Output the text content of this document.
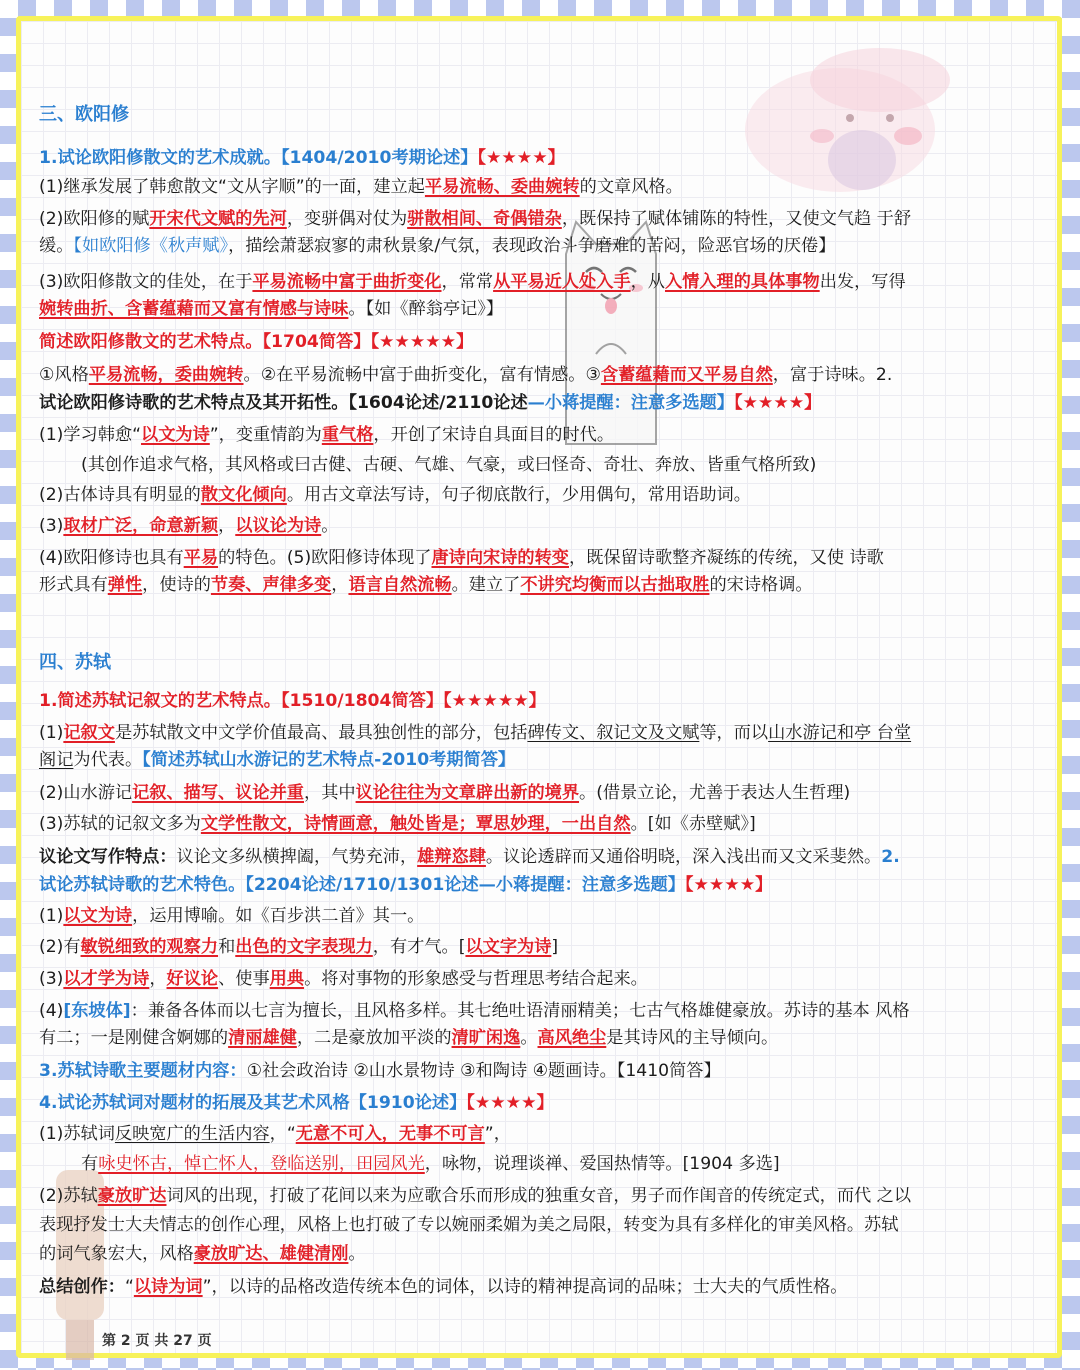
三、欧阳修
1.试论欧阳修散文的艺术成就。【1404/2010考期论述】【★★★★】
(1)继承发展了韩愈散文“文从字顺”的一面，建立起平易流畅、委曲婉转的文章风格。
(2)欧阳修的赋开宋代文赋的先河，变骈偶对仗为骈散相间、奇偶错杂，既保持了赋体铺陈的特性，又使文气趋 于舒
缓。【如欧阳修《秋声赋》，描绘萧瑟寂寥的肃秋景象/气氛，表现政治斗争磨难的苦闷，险恶官场的厌倦】
(3)欧阳修散文的佳处，在于平易流畅中富于曲折变化，常常从平易近人处入手，从入情入理的具体事物出发，写得
婉转曲折、含蓄蕴藉而又富有情感与诗味。【如《醉翁亭记》】
简述欧阳修散文的艺术特点。【1704简答】【★★★★★】
①风格平易流畅，委曲婉转。②在平易流畅中富于曲折变化，富有情感。③含蓄蕴藉而又平易自然，富于诗味。2.
试论欧阳修诗歌的艺术特点及其开拓性。【1604论述/2110论述—小蒋提醒：注意多选题】【★★★★】
(1)学习韩愈“以文为诗”，变重情韵为重气格，开创了宋诗自具面目的时代。
(其创作追求气格，其风格或曰古健、古硬、气雄、气豪，或曰怪奇、奇壮、奔放、皆重气格所致)
(2)古体诗具有明显的散文化倾向。用古文章法写诗，句子彻底散行，少用偶句，常用语助词。
(3)取材广泛，命意新颖，以议论为诗。
(4)欧阳修诗也具有平易的特色。(5)欧阳修诗体现了唐诗向宋诗的转变，既保留诗歌整齐凝练的传统，又使 诗歌
形式具有弹性，使诗的节奏、声律多变，语言自然流畅。建立了不讲究均衡而以古拙取胜的宋诗格调。
四、苏轼
1.简述苏轼记叙文的艺术特点。【1510/1804简答】【★★★★★】
(1)记叙文是苏轼散文中文学价值最高、最具独创性的部分，包括碑传文、叙记文及文赋等，而以山水游记和亭 台堂
阁记为代表。【简述苏轼山水游记的艺术特点-2010考期简答】
(2)山水游记记叙、描写、议论并重，其中议论往往为文章辟出新的境界。(借景立论，尤善于表达人生哲理)
(3)苏轼的记叙文多为文学性散文，诗情画意，触处皆是；覃思妙理，一出自然。[如《赤壁赋》]
议论文写作特点：议论文多纵横捭阖，气势充沛，雄辩恣肆。议论透辟而又通俗明晓，深入浅出而又文采斐然。2.
试论苏轼诗歌的艺术特色。【2204论述/1710/1301论述—小蒋提醒：注意多选题】【★★★★】
(1)以文为诗，运用博喻。如《百步洪二首》其一。
(2)有敏锐细致的观察力和出色的文字表现力，有才气。[以文字为诗]
(3)以才学为诗，好议论、使事用典。将对事物的形象感受与哲理思考结合起来。
(4)[东坡体]：兼备各体而以七言为擅长，且风格多样。其七绝吐语清丽精美；七古气格雄健豪放。苏诗的基本 风格
有二；一是刚健含婀娜的清丽雄健，二是豪放加平淡的清旷闲逸。高风绝尘是其诗风的主导倾向。
3.苏轼诗歌主要题材内容：①社会政治诗 ②山水景物诗 ③和陶诗 ④题画诗。【1410简答】
4.试论苏轼词对题材的拓展及其艺术风格【1910论述】【★★★★】
(1)苏轼词反映宽广的生活内容，“无意不可入，无事不可言”，
有咏史怀古，悼亡怀人，登临送别，田园风光，咏物，说理谈禅、爱国热情等。[1904 多选]
(2)苏轼豪放旷达词风的出现，打破了花间以来为应歌合乐而形成的独重女音，男子而作闺音的传统定式，而代 之以
表现抒发士大夫情志的创作心理，风格上也打破了专以婉丽柔媚为美之局限，转变为具有多样化的审美风格。苏轼
的词气象宏大，风格豪放旷达、雄健清刚。
总结创作：“以诗为词”，以诗的品格改造传统本色的词体，以诗的精神提高词的品味；士大夫的气质性格。
第 2 页 共 27 页
